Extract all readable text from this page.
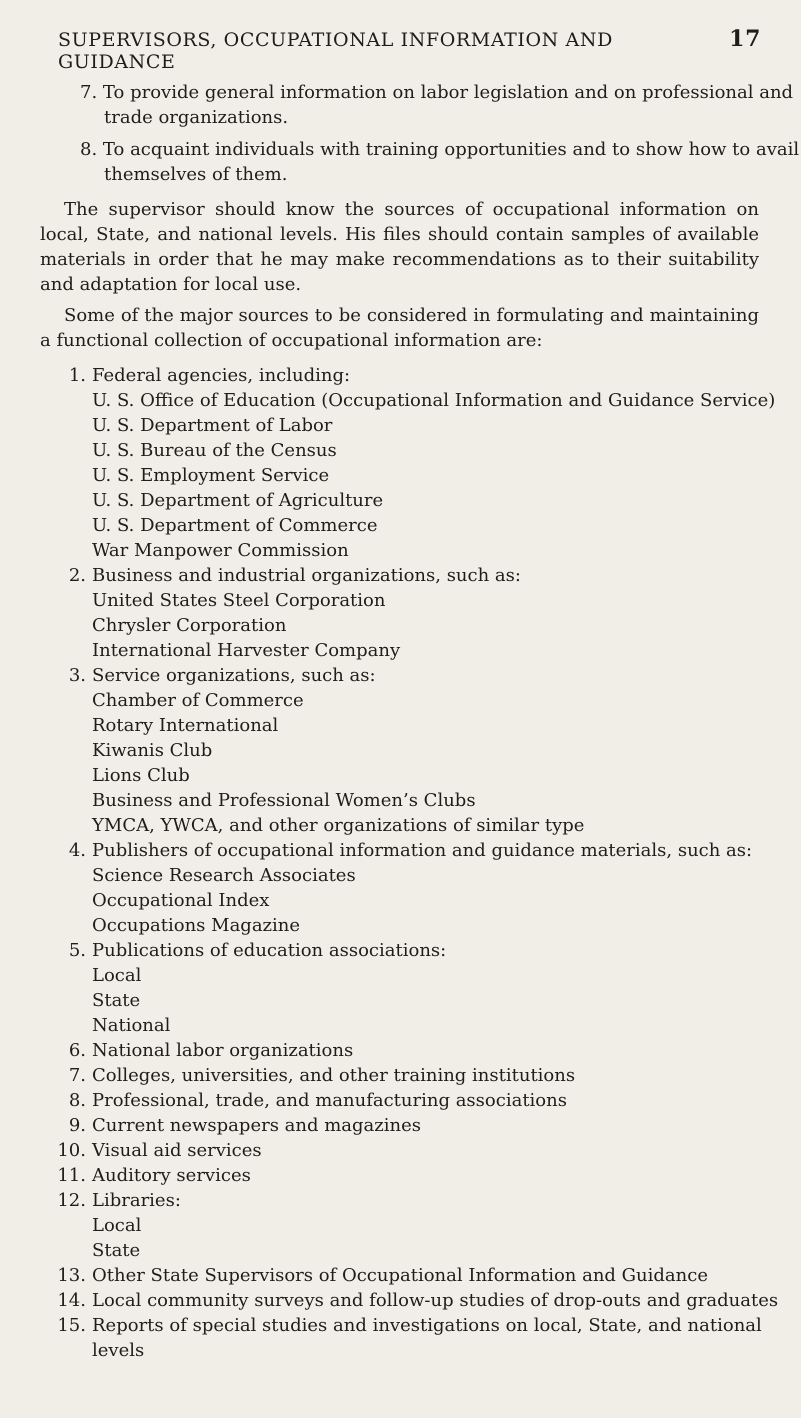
SUPERVISORS, OCCUPATIONAL INFORMATION AND GUIDANCE
17

7. To provide general information on labor legislation and on professional and trade organizations.

8. To acquaint individuals with training opportunities and to show how to avail themselves of them.

The supervisor should know the sources of occupational information on local, State, and national levels. His files should contain samples of available materials in order that he may make recommendations as to their suitability and adaptation for local use.

Some of the major sources to be considered in formulating and maintaining a functional collection of occupational information are:

1. Federal agencies, including:
U. S. Office of Education (Occupational Information and Guidance Service)
U. S. Department of Labor
U. S. Bureau of the Census
U. S. Employment Service
U. S. Department of Agriculture
U. S. Department of Commerce
War Manpower Commission
2. Business and industrial organizations, such as:
United States Steel Corporation
Chrysler Corporation
International Harvester Company
3. Service organizations, such as:
Chamber of Commerce
Rotary International
Kiwanis Club
Lions Club
Business and Professional Women’s Clubs
YMCA, YWCA, and other organizations of similar type
4. Publishers of occupational information and guidance materials, such as:
Science Research Associates
Occupational Index
Occupations Magazine
5. Publications of education associations:
Local
State
National
6. National labor organizations
7. Colleges, universities, and other training institutions
8. Professional, trade, and manufacturing associations
9. Current newspapers and magazines
10. Visual aid services
11. Auditory services
12. Libraries:
Local
State
13. Other State Supervisors of Occupational Information and Guidance
14. Local community surveys and follow-up studies of drop-outs and graduates
15. Reports of special studies and investigations on local, State, and national levels
